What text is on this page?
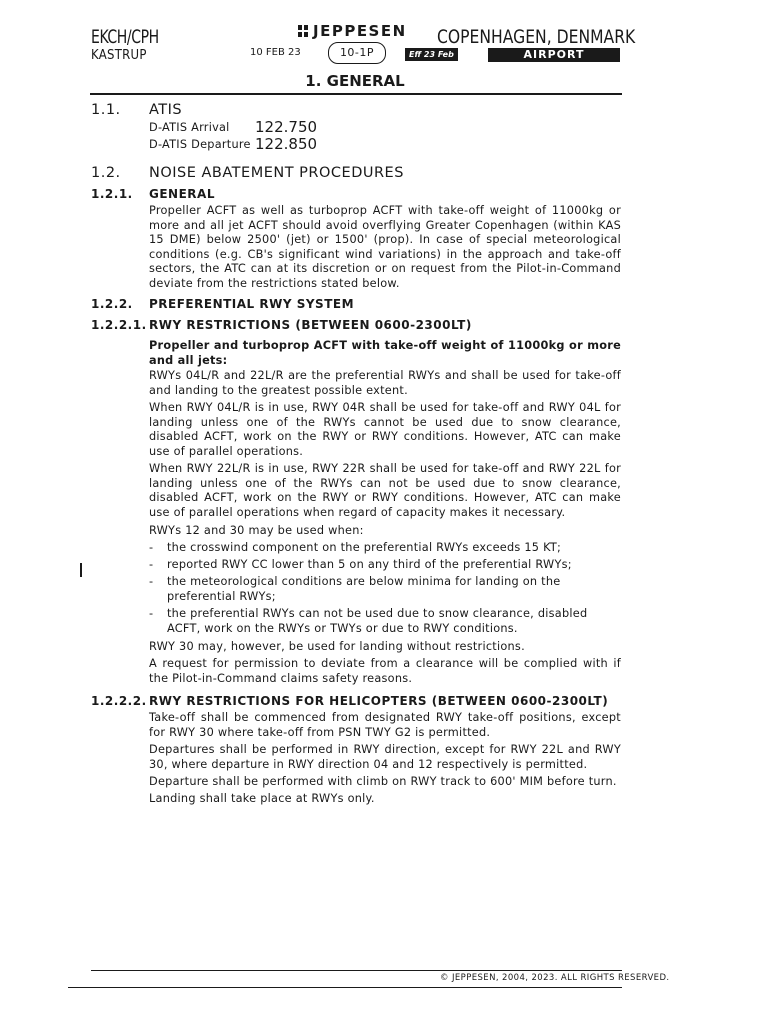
EKCH/CPH
KASTRUP
JEPPESEN
10 FEB 23	10-1P	Eff 23 Feb
COPENHAGEN, DENMARK
AIRPORT BRIEFING
1. GENERAL
1.1. ATIS
D-ATIS Arrival 122.750
D-ATIS Departure 122.850
1.2. NOISE ABATEMENT PROCEDURES
1.2.1. GENERAL
Propeller ACFT as well as turboprop ACFT with take-off weight of 11000kg or more and all jet ACFT should avoid overflying Greater Copenhagen (within KAS 15 DME) below 2500' (jet) or 1500' (prop). In case of special meteorological conditions (e.g. CB's significant wind variations) in the approach and take-off sectors, the ATC can at its discretion or on request from the Pilot-in-Command deviate from the restrictions stated below.
1.2.2. PREFERENTIAL RWY SYSTEM
1.2.2.1. RWY RESTRICTIONS (BETWEEN 0600-2300LT)
Propeller and turboprop ACFT with take-off weight of 11000kg or more and all jets:
RWYs 04L/R and 22L/R are the preferential RWYs and shall be used for take-off and landing to the greatest possible extent.
When RWY 04L/R is in use, RWY 04R shall be used for take-off and RWY 04L for landing unless one of the RWYs cannot be used due to snow clearance, disabled ACFT, work on the RWY or RWY conditions. However, ATC can make use of parallel operations.
When RWY 22L/R is in use, RWY 22R shall be used for take-off and RWY 22L for landing unless one of the RWYs can not be used due to snow clearance, disabled ACFT, work on the RWY or RWY conditions. However, ATC can make use of parallel operations when regard of capacity makes it necessary.
RWYs 12 and 30 may be used when:
- the crosswind component on the preferential RWYs exceeds 15 KT;
- reported RWY CC lower than 5 on any third of the preferential RWYs;
- the meteorological conditions are below minima for landing on the preferential RWYs;
- the preferential RWYs can not be used due to snow clearance, disabled ACFT, work on the RWYs or TWYs or due to RWY conditions.
RWY 30 may, however, be used for landing without restrictions.
A request for permission to deviate from a clearance will be complied with if the Pilot-in-Command claims safety reasons.
1.2.2.2. RWY RESTRICTIONS FOR HELICOPTERS (BETWEEN 0600-2300LT)
Take-off shall be commenced from designated RWY take-off positions, except for RWY 30 where take-off from PSN TWY G2 is permitted.
Departures shall be performed in RWY direction, except for RWY 22L and RWY 30, where departure in RWY direction 04 and 12 respectively is permitted.
Departure shall be performed with climb on RWY track to 600' MIM before turn.
Landing shall take place at RWYs only.
© JEPPESEN, 2004, 2023. ALL RIGHTS RESERVED.
